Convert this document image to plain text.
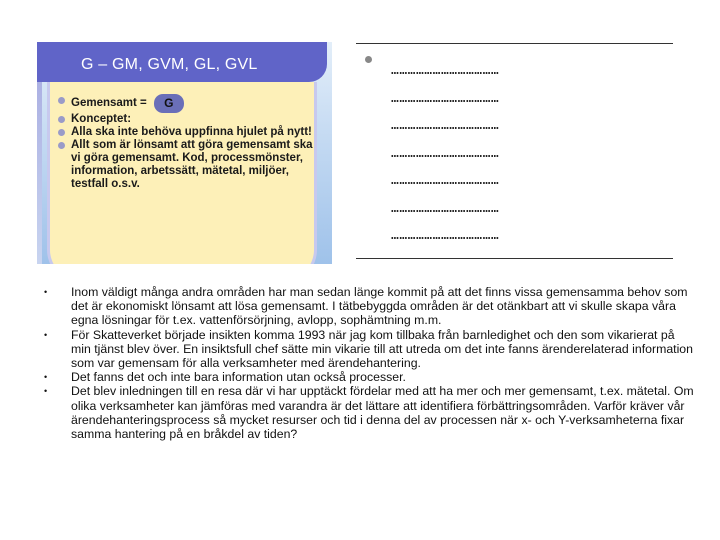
G – GM, GVM, GL, GVL
Gemensamt =	G
Konceptet:
Alla ska inte behöva uppfinna hjulet på nytt!
Allt som är lönsamt att göra gemensamt ska vi göra gemensamt. Kod, processmönster, information, arbetssätt, mätetal, miljöer, testfall o.s.v.
…………………………………
…………………………………
…………………………………
…………………………………
…………………………………
…………………………………
…………………………………
• Inom väldigt många andra områden har man sedan länge kommit på att det finns vissa gemensamma behov som det är ekonomiskt lönsamt att lösa gemensamt. I tätbebyggda områden är det otänkbart att vi skulle skapa våra egna lösningar för t.ex. vattenförsörjning, avlopp, sophämtning m.m.
• För Skatteverket började insikten komma 1993 när jag kom tillbaka från barnledighet och den som vikarierat på min tjänst blev över. En insiktsfull chef sätte min vikarie till att utreda om det inte fanns ärenderelaterad information som var gemensam för alla verksamheter med ärendehantering.
• Det fanns det och inte bara information utan också processer.
• Det blev inledningen till en resa där vi har upptäckt fördelar med att ha mer och mer gemensamt, t.ex. mätetal. Om olika verksamheter kan jämföras med varandra är det lättare att identifiera förbättringsområden. Varför kräver vår ärendehanteringsprocess så mycket resurser och tid i denna del av processen när x- och Y-verksamheterna fixar samma hantering på en bråkdel av tiden?
